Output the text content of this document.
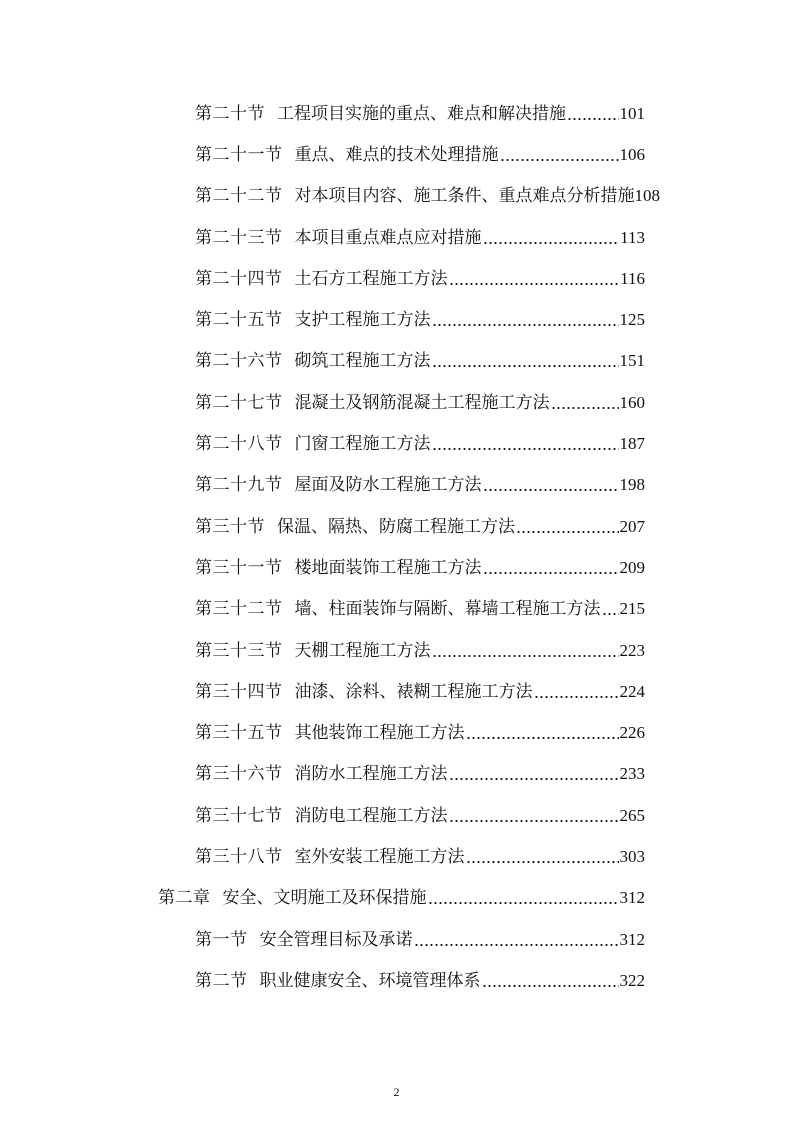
第二十节 工程项目实施的重点、难点和解决措施	101
第二十一节 重点、难点的技术处理措施	106
第二十二节 对本项目内容、施工条件、重点难点分析措施 108
第二十三节 本项目重点难点应对措施	113
第二十四节 土石方工程施工方法	116
第二十五节 支护工程施工方法	125
第二十六节 砌筑工程施工方法	151
第二十七节 混凝土及钢筋混凝土工程施工方法	160
第二十八节 门窗工程施工方法	187
第二十九节 屋面及防水工程施工方法	198
第三十节 保温、隔热、防腐工程施工方法	207
第三十一节 楼地面装饰工程施工方法	209
第三十二节 墙、柱面装饰与隔断、幕墙工程施工方法 215
第三十三节 天棚工程施工方法	223
第三十四节 油漆、涂料、裱糊工程施工方法	224
第三十五节 其他装饰工程施工方法	226
第三十六节 消防水工程施工方法	233
第三十七节 消防电工程施工方法	265
第三十八节 室外安装工程施工方法	303
第二章 安全、文明施工及环保措施	312
第一节 安全管理目标及承诺	312
第二节 职业健康安全、环境管理体系	322
2
